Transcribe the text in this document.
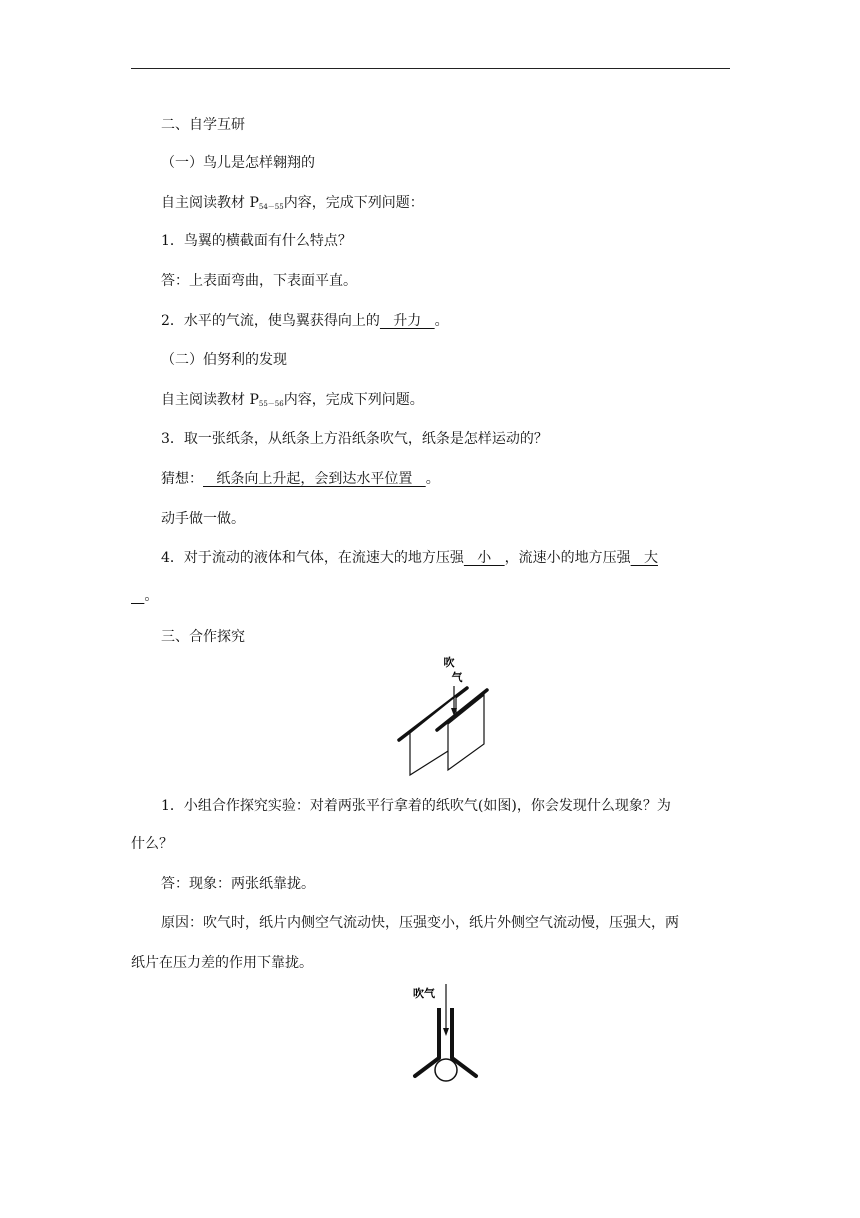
二、自学互研
（一）鸟儿是怎样翱翔的
自主阅读教材 $P_{54-55}$内容，完成下列问题：
1．鸟翼的横截面有什么特点？
答：上表面弯曲，下表面平直。
2．水平的气流，使鸟翼获得向上的   升力   。
（二）伯努利的发现
自主阅读教材 $P_{55-56}$内容，完成下列问题。
3．取一张纸条，从纸条上方沿纸条吹气，纸条是怎样运动的？
猜想：   纸条向上升起，会到达水平位置   。
动手做一做。
4．对于流动的液体和气体，在流速大的地方压强   小   ，流速小的地方压强   大
。
三、合作探究
吹
气
1．小组合作探究实验：对着两张平行拿着的纸吹气(如图)，你会发现什么现象？为
什么？
答：现象：两张纸靠拢。
原因：吹气时，纸片内侧空气流动快，压强变小，纸片外侧空气流动慢，压强大，两
纸片在压力差的作用下靠拢。
吹气
